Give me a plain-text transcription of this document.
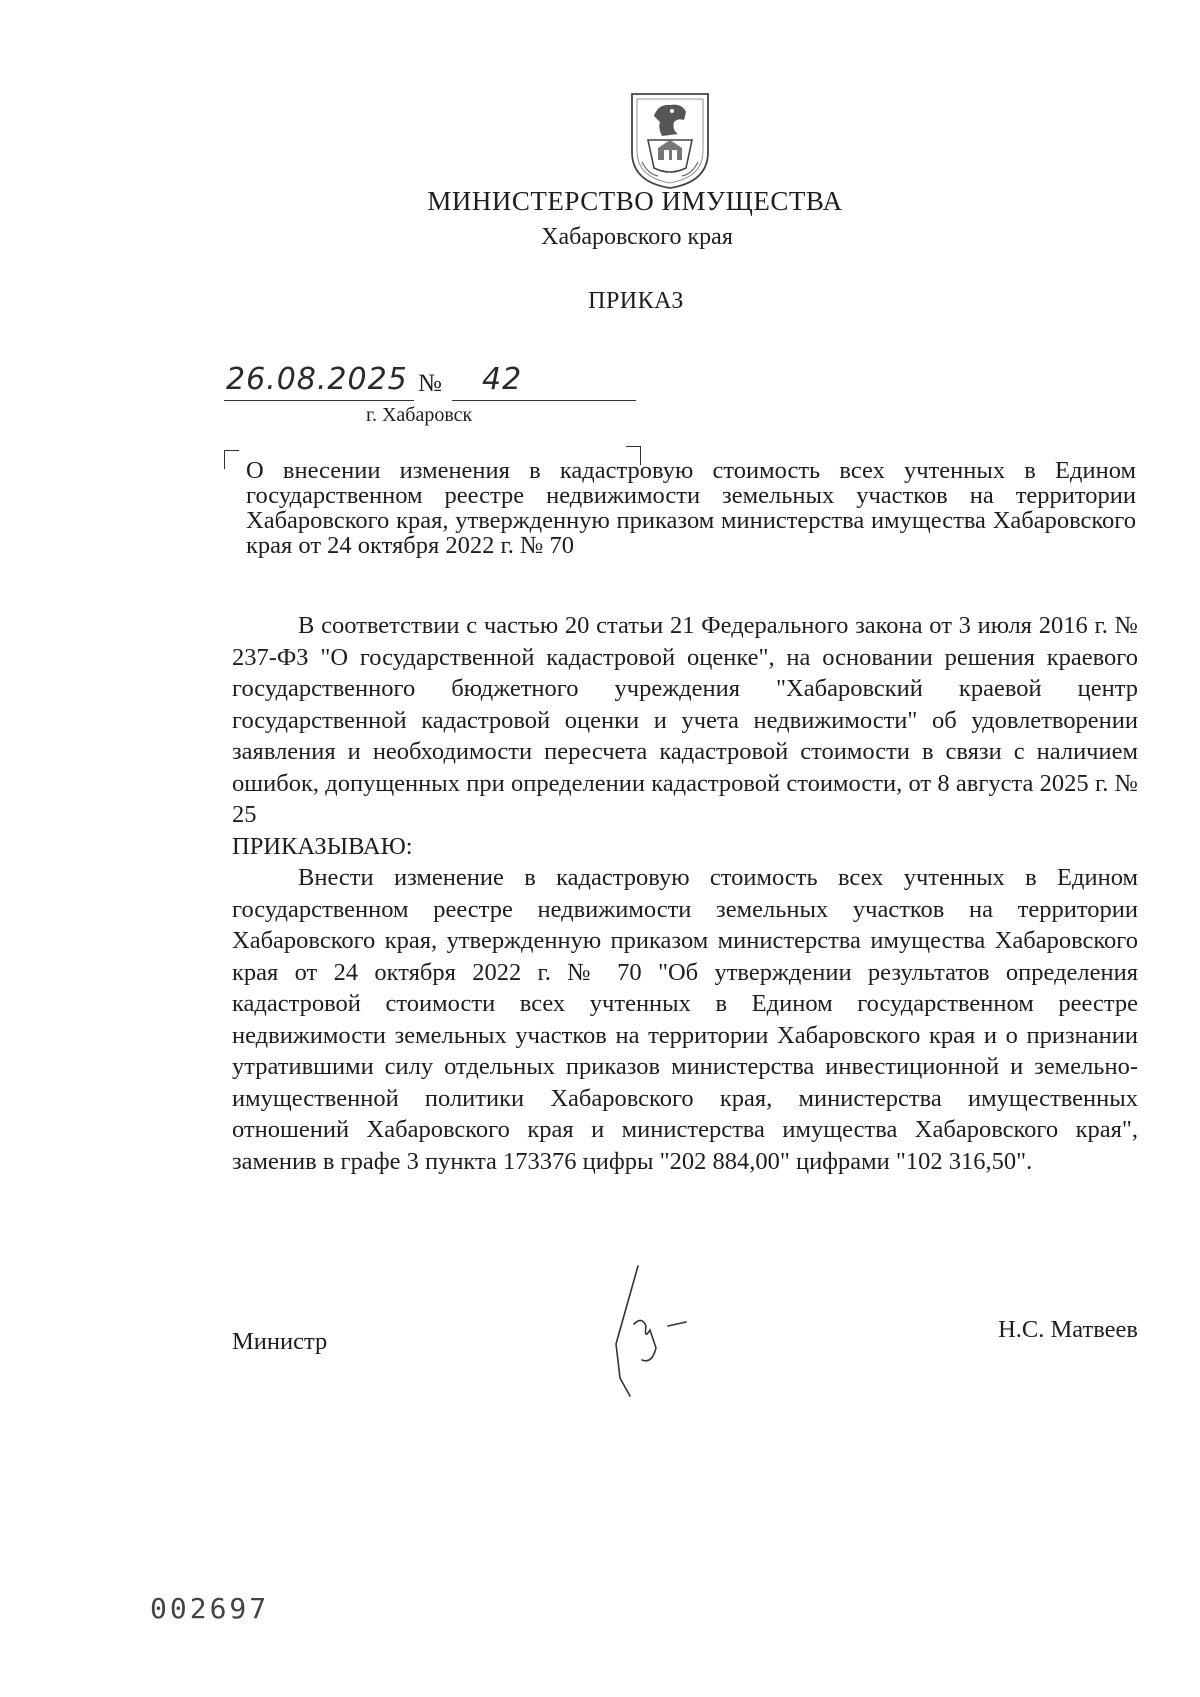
МИНИСТЕРСТВО ИМУЩЕСТВА
Хабаровского края
ПРИКАЗ
26.08.2025 № 42
г. Хабаровск
О внесении изменения в кадастровую стоимость всех учтенных в Едином государственном реестре недвижимости земельных участков на территории Хабаровского края, утвержденную приказом министерства имущества Хабаровского края от 24 октября 2022 г. № 70

В соответствии с частью 20 статьи 21 Федерального закона от 3 июля 2016 г. № 237-ФЗ "О государственной кадастровой оценке", на основании решения краевого государственного бюджетного учреждения "Хабаровский краевой центр государственной кадастровой оценки и учета недвижимости" об удовлетворении заявления и необходимости пересчета кадастровой стоимости в связи с наличием ошибок, допущенных при определении кадастровой стоимости, от 8 августа 2025 г. № 25

ПРИКАЗЫВАЮ:

Внести изменение в кадастровую стоимость всех учтенных в Едином государственном реестре недвижимости земельных участков на территории Хабаровского края, утвержденную приказом министерства имущества Хабаровского края от 24 октября 2022 г. № 70 "Об утверждении результатов определения кадастровой стоимости всех учтенных в Едином государственном реестре недвижимости земельных участков на территории Хабаровского края и о признании утратившими силу отдельных приказов министерства инвестиционной и земельно-имущественной политики Хабаровского края, министерства имущественных отношений Хабаровского края и министерства имущества Хабаровского края", заменив в графе 3 пункта 173376 цифры "202 884,00" цифрами "102 316,50".

Министр	Н.С. Матвеев
002697
